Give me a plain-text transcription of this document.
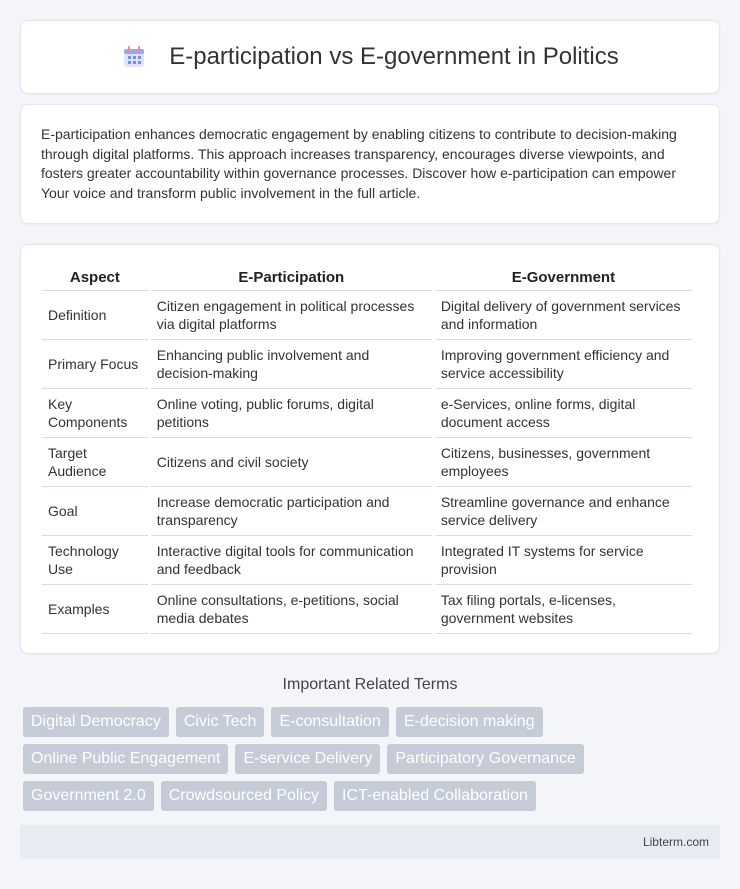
E-participation vs E-government in Politics

E-participation enhances democratic engagement by enabling citizens to contribute to decision-making through digital platforms. This approach increases transparency, encourages diverse viewpoints, and fosters greater accountability within governance processes. Discover how e-participation can empower Your voice and transform public involvement in the full article.

Aspect	E-Participation	E-Government
Definition	Citizen engagement in political processes via digital platforms	Digital delivery of government services and information
Primary Focus	Enhancing public involvement and decision-making	Improving government efficiency and service accessibility
Key Components	Online voting, public forums, digital petitions	e-Services, online forms, digital document access
Target Audience	Citizens and civil society	Citizens, businesses, government employees
Goal	Increase democratic participation and transparency	Streamline governance and enhance service delivery
Technology Use	Interactive digital tools for communication and feedback	Integrated IT systems for service provision
Examples	Online consultations, e-petitions, social media debates	Tax filing portals, e-licenses, government websites
Important Related Terms
Digital Democracy	Civic Tech	E-consultation	E-decision making
Online Public Engagement	E-service Delivery	Participatory Governance
Government 2.0	Crowdsourced Policy	ICT-enabled Collaboration
Libterm.com
